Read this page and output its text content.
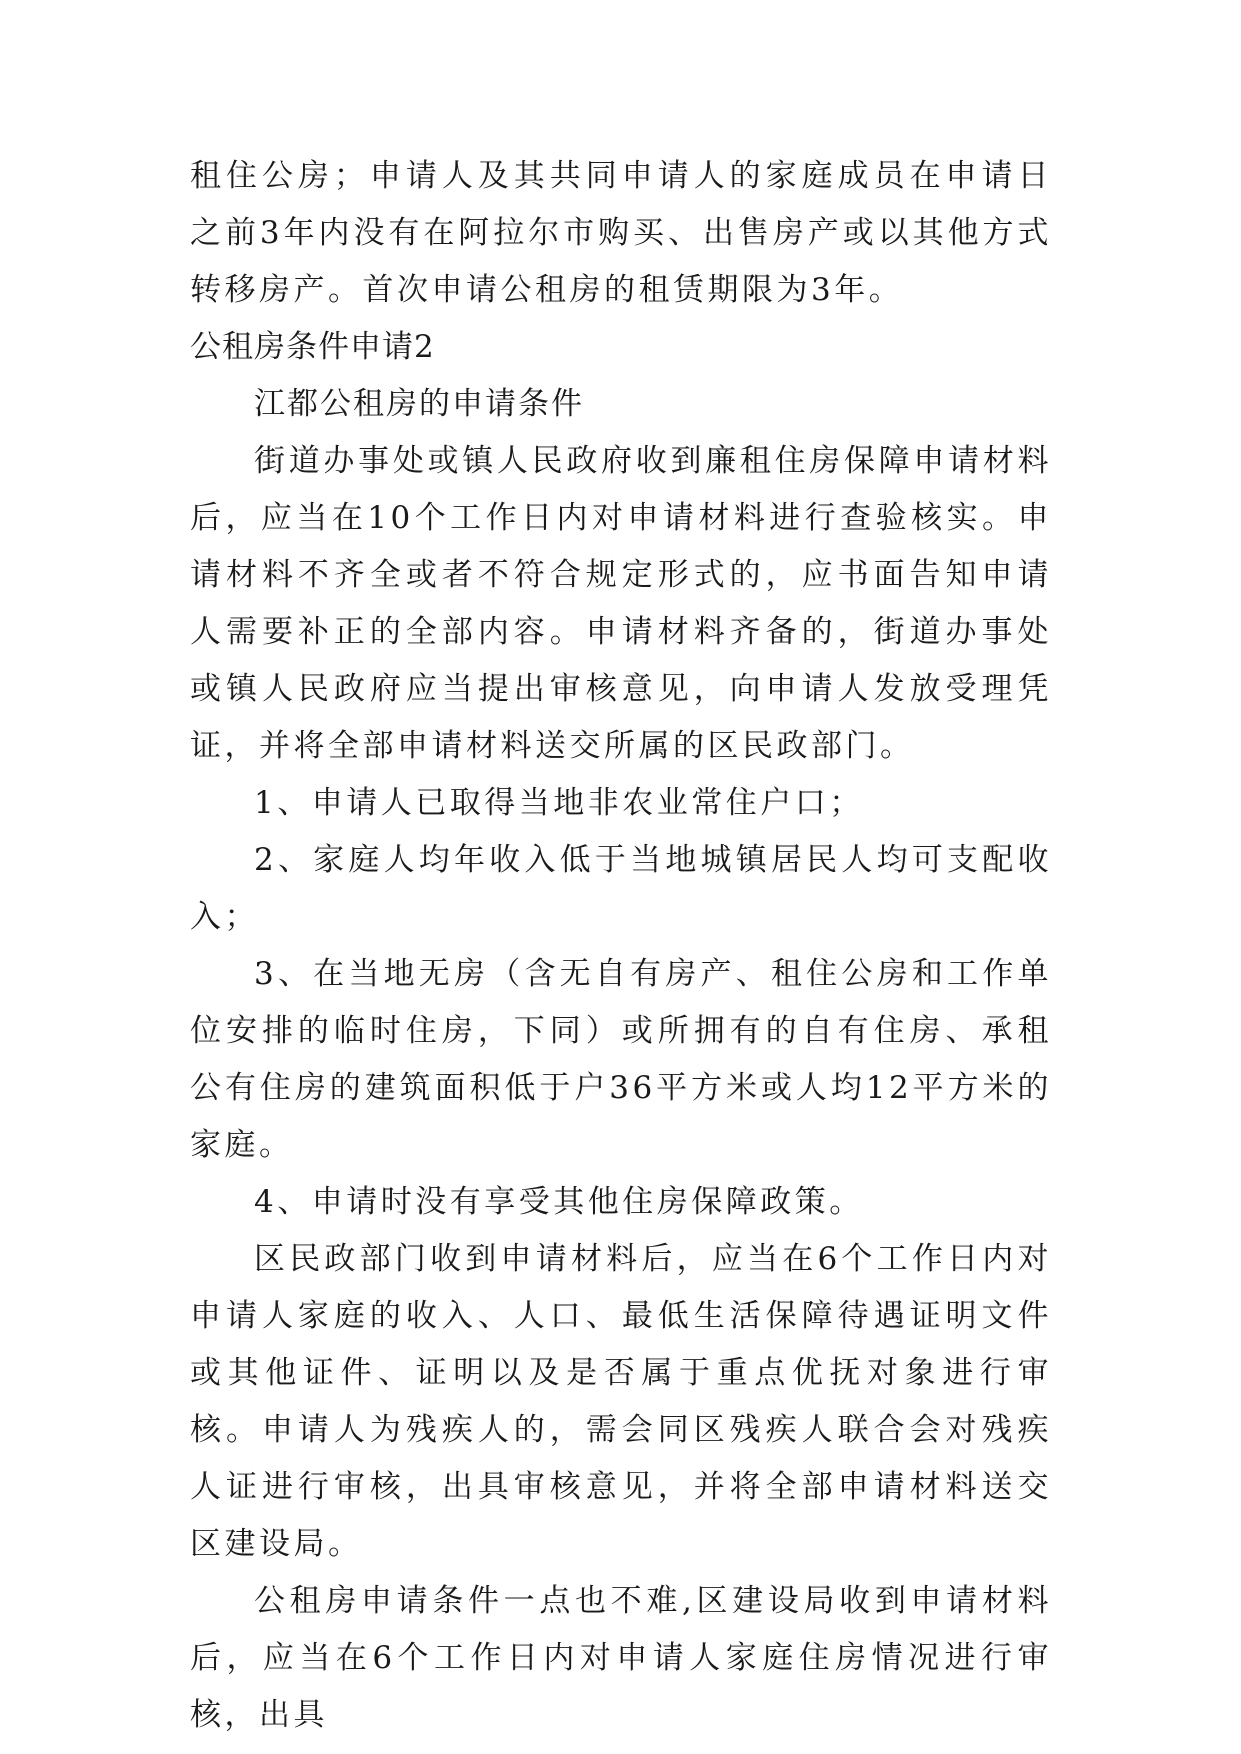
租住公房；申请人及其共同申请人的家庭成员在申请日之前3年内没有在阿拉尔市购买、出售房产或以其他方式转移房产。首次申请公租房的租赁期限为3年。

公租房条件申请2

江都公租房的申请条件

街道办事处或镇人民政府收到廉租住房保障申请材料后，应当在10个工作日内对申请材料进行查验核实。申请材料不齐全或者不符合规定形式的，应书面告知申请人需要补正的全部内容。申请材料齐备的，街道办事处或镇人民政府应当提出审核意见，向申请人发放受理凭证，并将全部申请材料送交所属的区民政部门。

1、申请人已取得当地非农业常住户口；

2、家庭人均年收入低于当地城镇居民人均可支配收入；

3、在当地无房（含无自有房产、租住公房和工作单位安排的临时住房，下同）或所拥有的自有住房、承租公有住房的建筑面积低于户36平方米或人均12平方米的家庭。

4、申请时没有享受其他住房保障政策。

区民政部门收到申请材料后，应当在6个工作日内对申请人家庭的收入、人口、最低生活保障待遇证明文件或其他证件、证明以及是否属于重点优抚对象进行审核。申请人为残疾人的，需会同区残疾人联合会对残疾人证进行审核，出具审核意见，并将全部申请材料送交区建设局。

公租房申请条件一点也不难,区建设局收到申请材料后，应当在6个工作日内对申请人家庭住房情况进行审核，出具
